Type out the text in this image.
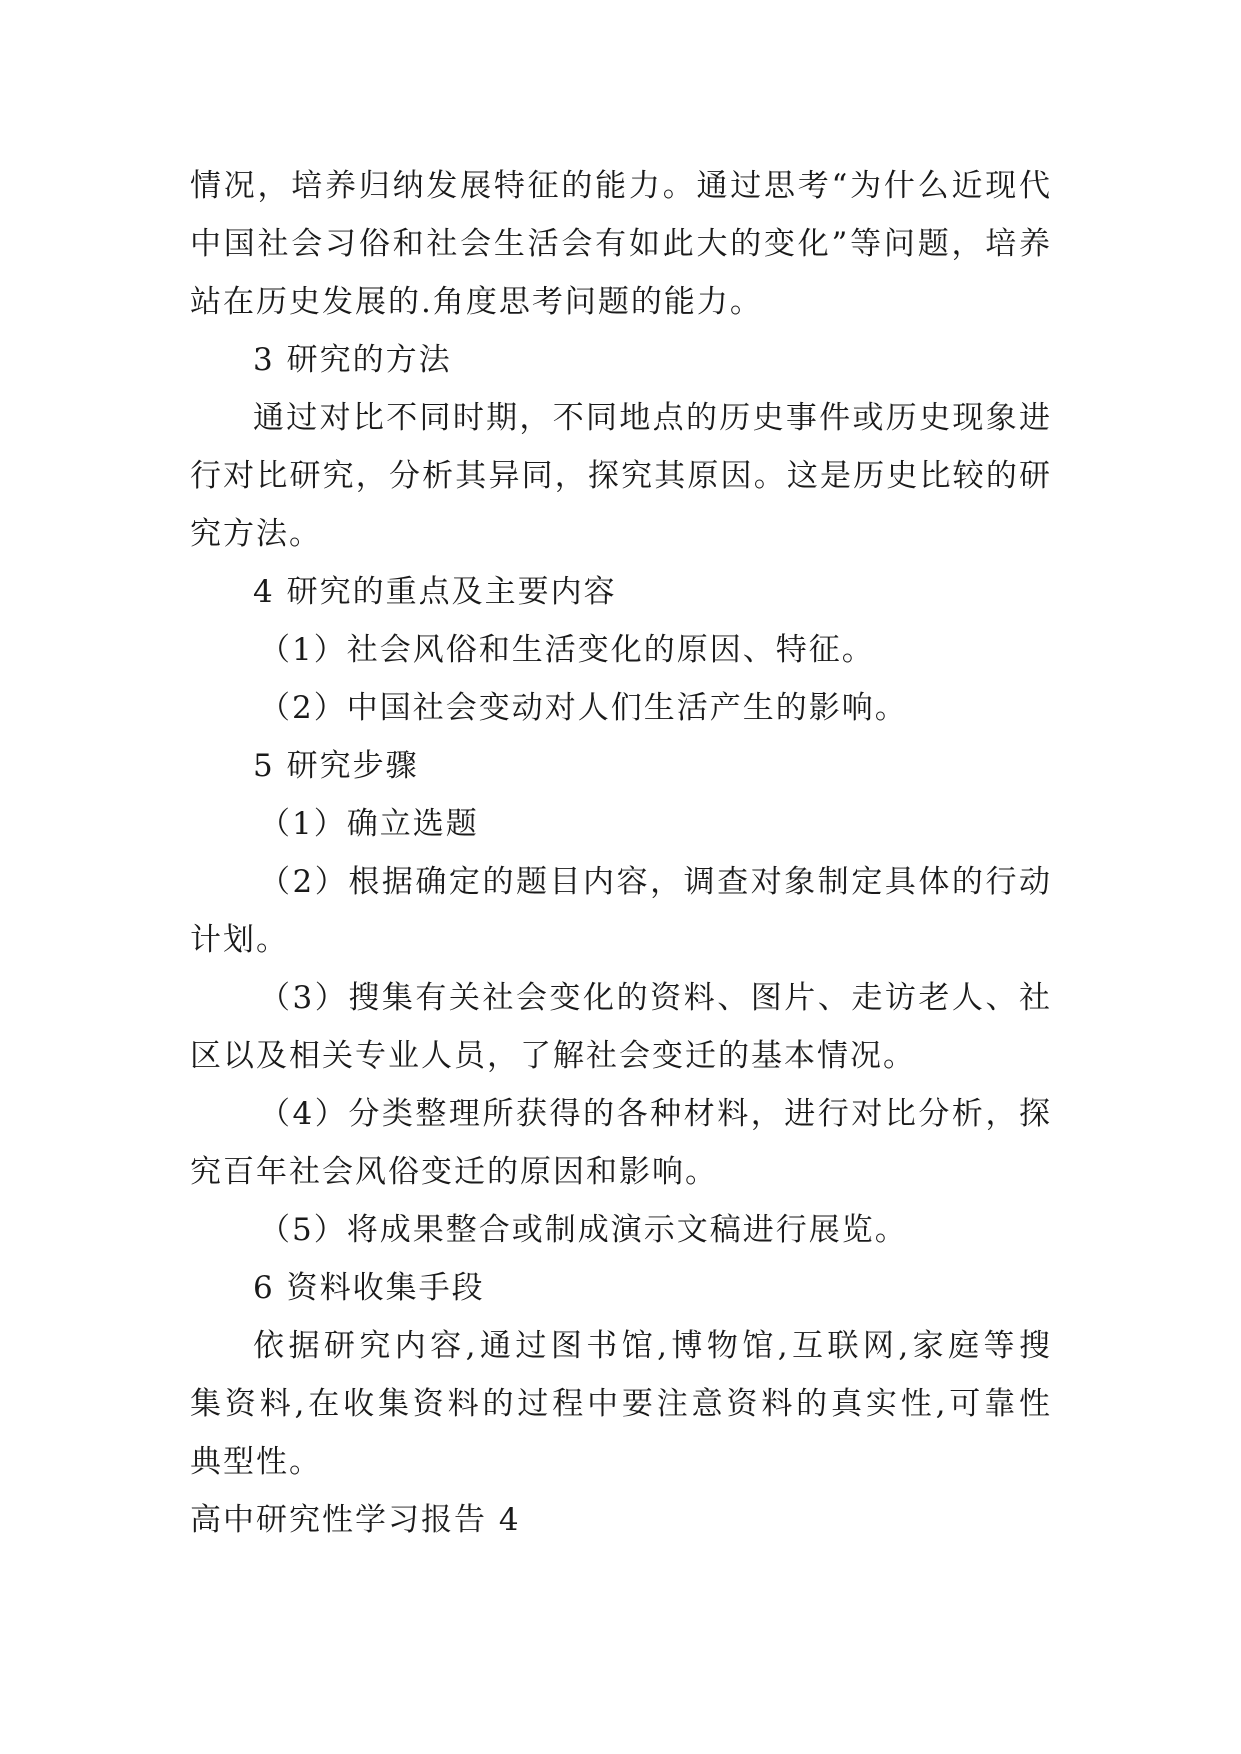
情况，培养归纳发展特征的能力。通过思考“为什么近现代
中国社会习俗和社会生活会有如此大的变化”等问题，培养
站在历史发展的.角度思考问题的能力。
3 研究的方法
通过对比不同时期，不同地点的历史事件或历史现象进
行对比研究，分析其异同，探究其原因。这是历史比较的研
究方法。
4 研究的重点及主要内容
（1）社会风俗和生活变化的原因、特征。
（2）中国社会变动对人们生活产生的影响。
5 研究步骤
（1）确立选题
（2）根据确定的题目内容，调查对象制定具体的行动
计划。
（3）搜集有关社会变化的资料、图片、走访老人、社
区以及相关专业人员，了解社会变迁的基本情况。
（4）分类整理所获得的各种材料，进行对比分析，探
究百年社会风俗变迁的原因和影响。
（5）将成果整合或制成演示文稿进行展览。
6 资料收集手段
依据研究内容,通过图书馆,博物馆,互联网,家庭等搜
集资料,在收集资料的过程中要注意资料的真实性,可靠性
典型性。
高中研究性学习报告 4
